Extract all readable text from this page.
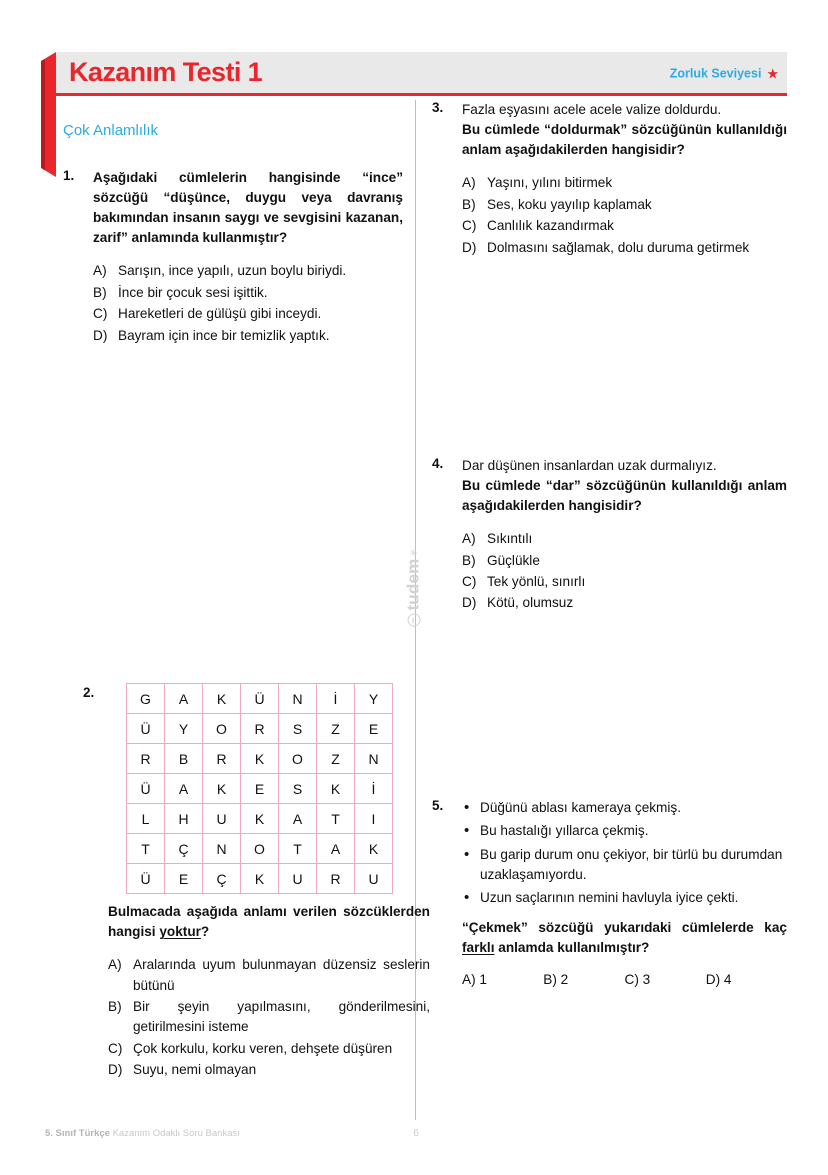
Kazanım Testi 1	Zorluk Seviyesi ★
Çok Anlamlılık
tudem
®
1. Aşağıdaki cümlelerin hangisinde “ince” sözcüğü “düşünce, duygu veya davranış bakımından insanın saygı ve sevgisini kazanan, zarif” anlamında kullanmıştır?

A) Sarışın, ince yapılı, uzun boylu biriydi.
B) İnce bir çocuk sesi işittik.
C) Hareketleri de gülüşü gibi inceydi.
D) Bayram için ince bir temizlik yaptık.
2.	G	A	K	Ü	N	İ	Y
Ü	Y	O	R	S	Z	E
R	B	R	K	O	Z	N
Ü	A	K	E	S	K	İ
L	H	U	K	A	T	I
T	Ç	N	O	T	A	K
Ü	E	Ç	K	U	R	U

Bulmacada aşağıda anlamı verilen sözcüklerden hangisi yoktur?

A) Aralarında uyum bulunmayan düzensiz seslerin bütünü
B) Bir şeyin yapılmasını, gönderilmesini, getirilmesini isteme
C) Çok korkulu, korku veren, dehşete düşüren
D) Suyu, nemi olmayan
3. Fazla eşyasını acele acele valize doldurdu.

Bu cümlede “doldurmak” sözcüğünün kullanıldığı anlam aşağıdakilerden hangisidir?

A) Yaşını, yılını bitirmek
B) Ses, koku yayılıp kaplamak
C) Canlılık kazandırmak
D) Dolmasını sağlamak, dolu duruma getirmek
4. Dar düşünen insanlardan uzak durmalıyız.

Bu cümlede “dar” sözcüğünün kullanıldığı anlam aşağıdakilerden hangisidir?

A) Sıkıntılı
B) Güçlükle
C) Tek yönlü, sınırlı
D) Kötü, olumsuz
5.	• Düğünü ablası kameraya çekmiş.
• Bu hastalığı yıllarca çekmiş.
• Bu garip durum onu çekiyor, bir türlü bu durumdan uzaklaşamıyordu.
• Uzun saçlarının nemini havluyla iyice çekti.

“Çekmek” sözcüğü yukarıdaki cümlelerde kaç farklı anlamda kullanılmıştır?

A) 1	B) 2	C) 3	D) 4
5. Sınıf Türkçe Kazanım Odaklı Soru Bankası	6
